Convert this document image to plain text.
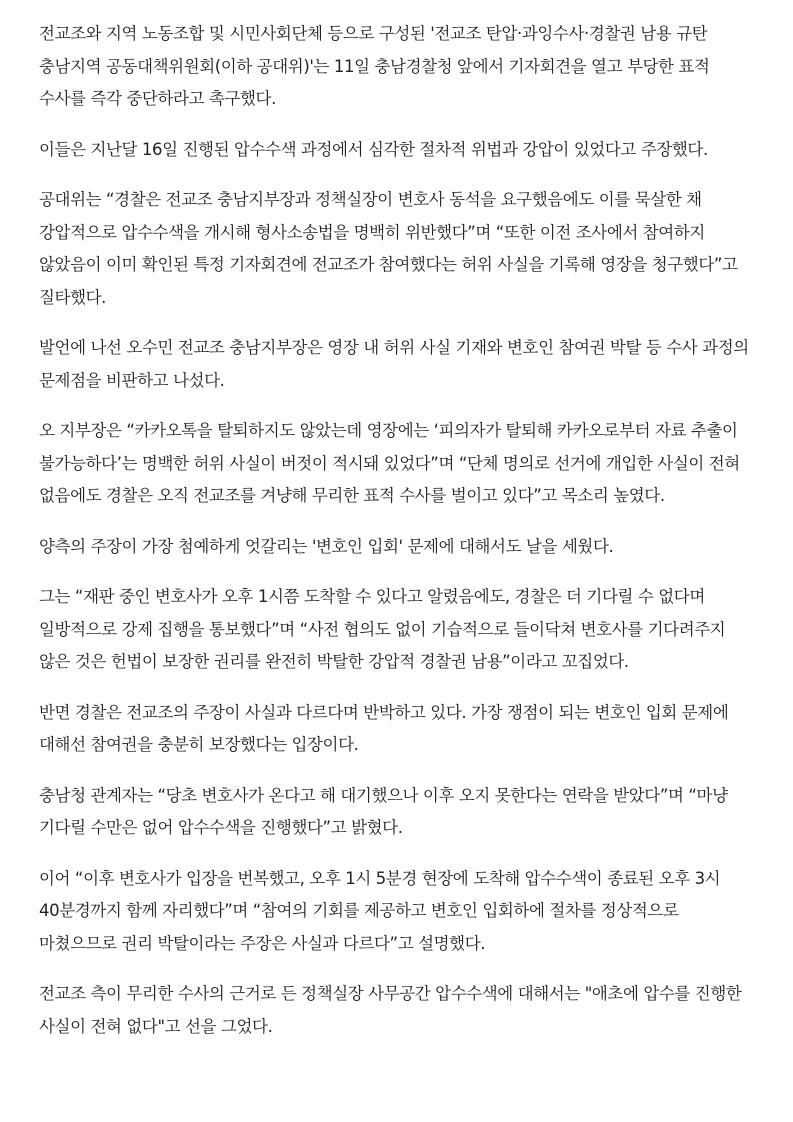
전교조와 지역 노동조합 및 시민사회단체 등으로 구성된 '전교조 탄압·과잉수사·경찰권 남용 규탄 충남지역 공동대책위원회(이하 공대위)'는 11일 충남경찰청 앞에서 기자회견을 열고 부당한 표적 수사를 즉각 중단하라고 촉구했다.

이들은 지난달 16일 진행된 압수수색 과정에서 심각한 절차적 위법과 강압이 있었다고 주장했다.

공대위는 “경찰은 전교조 충남지부장과 정책실장이 변호사 동석을 요구했음에도 이를 묵살한 채 강압적으로 압수수색을 개시해 형사소송법을 명백히 위반했다”며 “또한 이전 조사에서 참여하지 않았음이 이미 확인된 특정 기자회견에 전교조가 참여했다는 허위 사실을 기록해 영장을 청구했다”고 질타했다.

발언에 나선 오수민 전교조 충남지부장은 영장 내 허위 사실 기재와 변호인 참여권 박탈 등 수사 과정의 문제점을 비판하고 나섰다.

오 지부장은 “카카오톡을 탈퇴하지도 않았는데 영장에는 ‘피의자가 탈퇴해 카카오로부터 자료 추출이 불가능하다’는 명백한 허위 사실이 버젓이 적시돼 있었다”며 “단체 명의로 선거에 개입한 사실이 전혀 없음에도 경찰은 오직 전교조를 겨냥해 무리한 표적 수사를 벌이고 있다”고 목소리 높였다.

양측의 주장이 가장 첨예하게 엇갈리는 '변호인 입회' 문제에 대해서도 날을 세웠다.

그는 “재판 중인 변호사가 오후 1시쯤 도착할 수 있다고 알렸음에도, 경찰은 더 기다릴 수 없다며 일방적으로 강제 집행을 통보했다”며 “사전 협의도 없이 기습적으로 들이닥쳐 변호사를 기다려주지 않은 것은 헌법이 보장한 권리를 완전히 박탈한 강압적 경찰권 남용”이라고 꼬집었다.

반면 경찰은 전교조의 주장이 사실과 다르다며 반박하고 있다. 가장 쟁점이 되는 변호인 입회 문제에 대해선 참여권을 충분히 보장했다는 입장이다.

충남청 관계자는 “당초 변호사가 온다고 해 대기했으나 이후 오지 못한다는 연락을 받았다”며 “마냥 기다릴 수만은 없어 압수수색을 진행했다”고 밝혔다.

이어 “이후 변호사가 입장을 번복했고, 오후 1시 5분경 현장에 도착해 압수수색이 종료된 오후 3시 40분경까지 함께 자리했다”며 “참여의 기회를 제공하고 변호인 입회하에 절차를 정상적으로 마쳤으므로 권리 박탈이라는 주장은 사실과 다르다”고 설명했다.

전교조 측이 무리한 수사의 근거로 든 정책실장 사무공간 압수수색에 대해서는 "애초에 압수를 진행한 사실이 전혀 없다"고 선을 그었다.
